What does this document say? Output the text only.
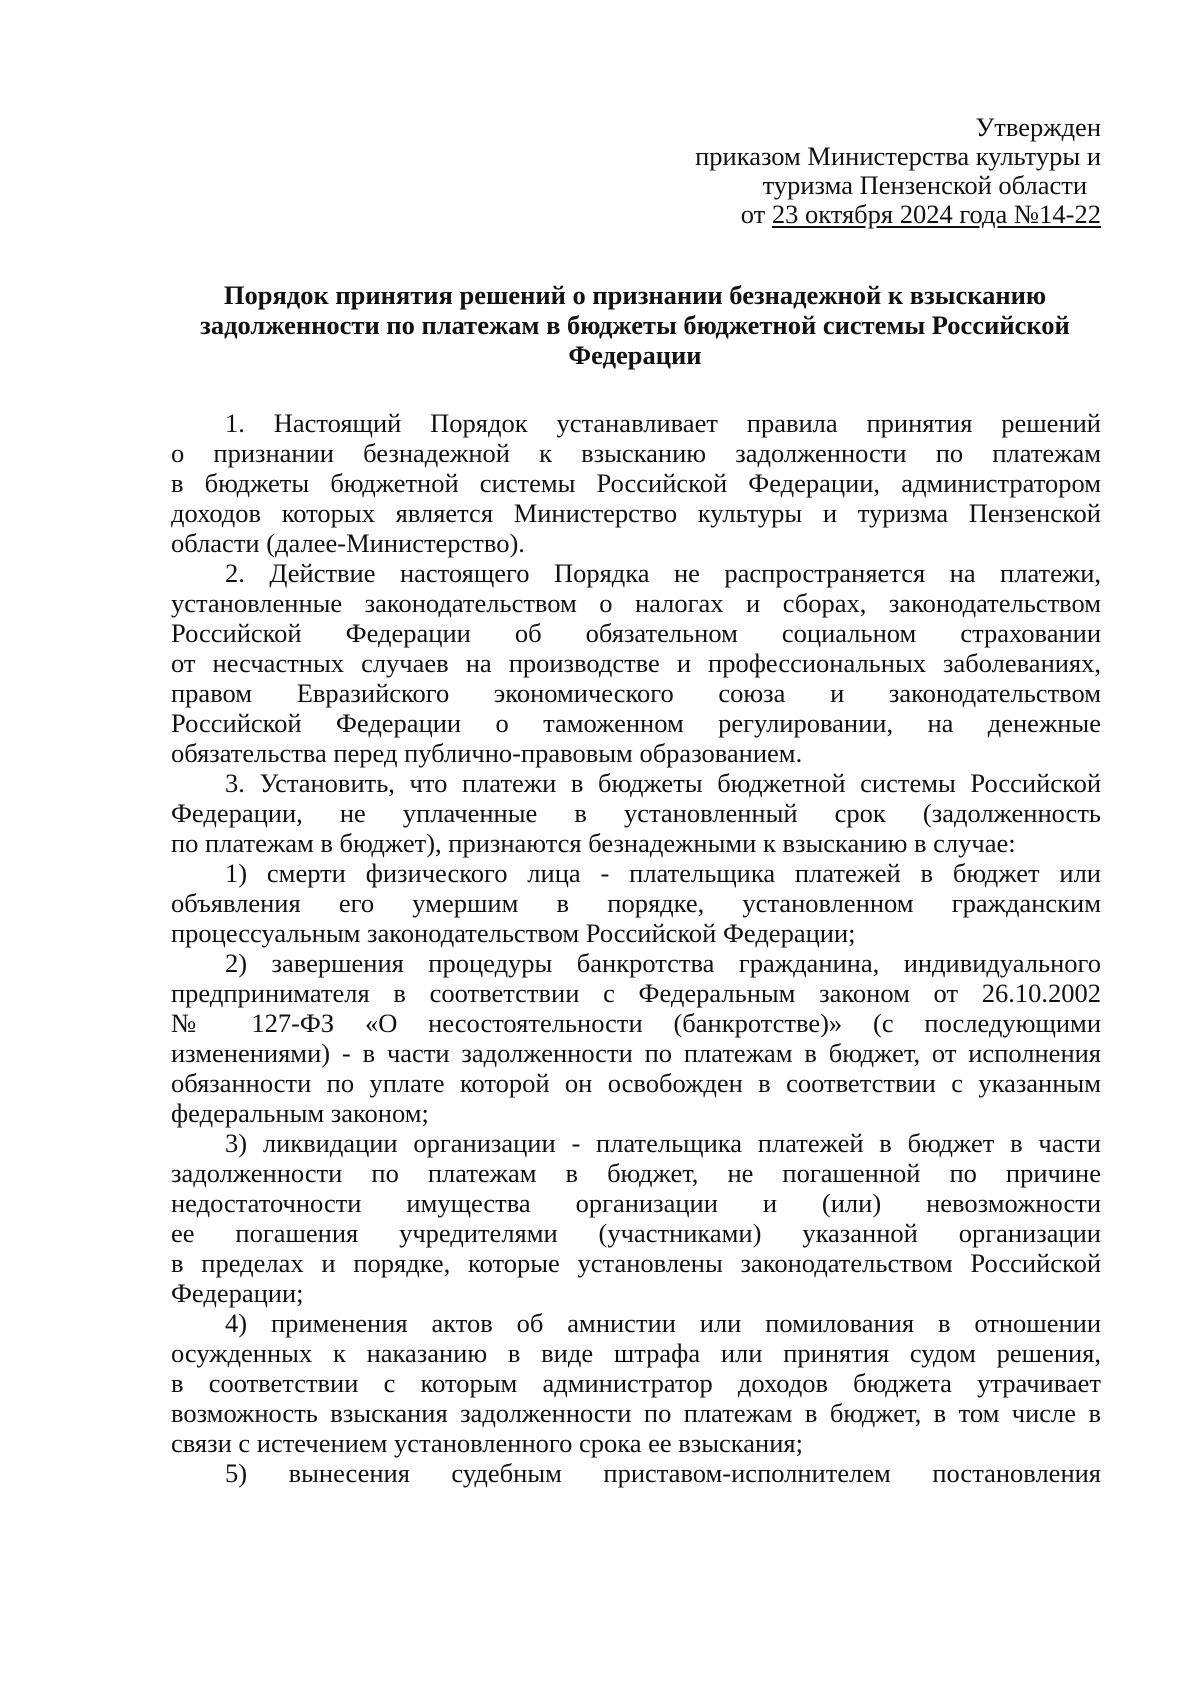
Утвержден
приказом Министерства культуры и
туризма Пензенской области
от 23 октября 2024 года №14-22
Порядок принятия решений о признании безнадежной к взысканию
задолженности по платежам в бюджеты бюджетной системы Российской
Федерации
1. Настоящий Порядок устанавливает правила принятия решений
о признании безнадежной к взысканию задолженности по платежам
в бюджеты бюджетной системы Российской Федерации, администратором
доходов которых является Министерство культуры и туризма Пензенской
области (далее-Министерство).
2. Действие настоящего Порядка не распространяется на платежи,
установленные законодательством о налогах и сборах, законодательством
Российской Федерации об обязательном социальном страховании
от несчастных случаев на производстве и профессиональных заболеваниях,
правом Евразийского экономического союза и законодательством
Российской Федерации о таможенном регулировании, на денежные
обязательства перед публично-правовым образованием.
3. Установить, что платежи в бюджеты бюджетной системы Российской
Федерации, не уплаченные в установленный срок (задолженность
по платежам в бюджет), признаются безнадежными к взысканию в случае:
1) смерти физического лица - плательщика платежей в бюджет или
объявления его умершим в порядке, установленном гражданским
процессуальным законодательством Российской Федерации;
2) завершения процедуры банкротства гражданина, индивидуального
предпринимателя в соответствии с Федеральным законом от 26.10.2002
№ 127-ФЗ «О несостоятельности (банкротстве)» (с последующими
изменениями) - в части задолженности по платежам в бюджет, от исполнения
обязанности по уплате которой он освобожден в соответствии с указанным
федеральным законом;
3) ликвидации организации - плательщика платежей в бюджет в части
задолженности по платежам в бюджет, не погашенной по причине
недостаточности имущества организации и (или) невозможности
ее погашения учредителями (участниками) указанной организации
в пределах и порядке, которые установлены законодательством Российской
Федерации;
4) применения актов об амнистии или помилования в отношении
осужденных к наказанию в виде штрафа или принятия судом решения,
в соответствии с которым администратор доходов бюджета утрачивает
возможность взыскания задолженности по платежам в бюджет, в том числе в
связи с истечением установленного срока ее взыскания;
5) вынесения судебным приставом-исполнителем постановления
